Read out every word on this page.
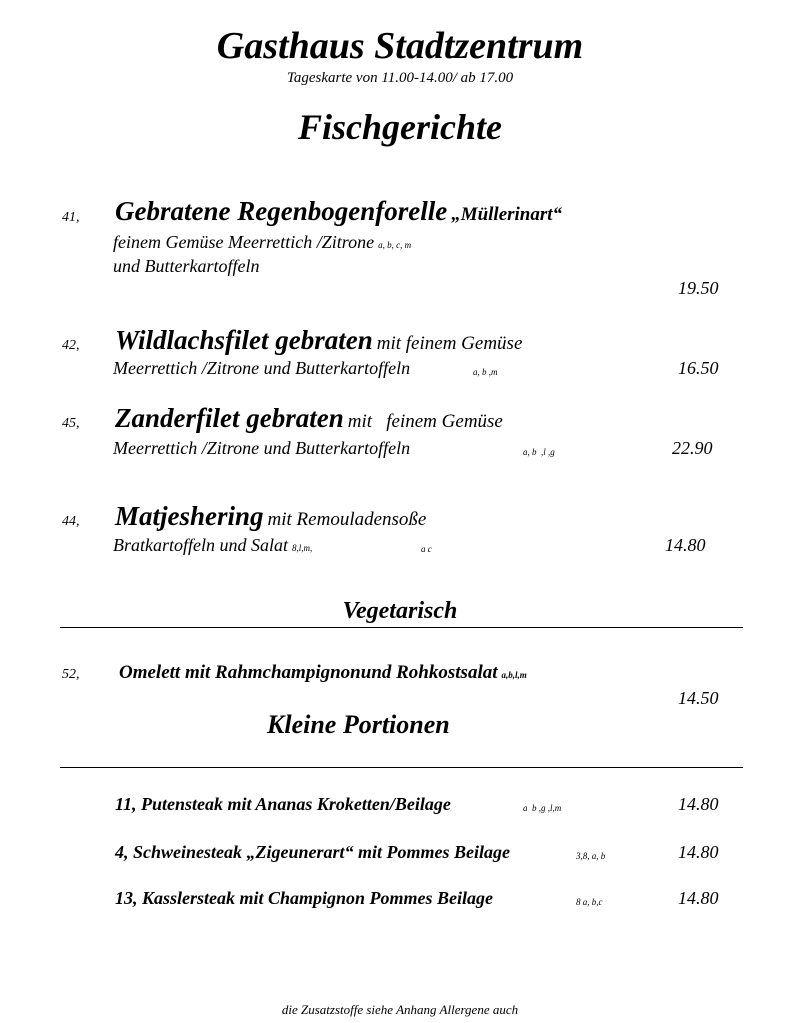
Gasthaus Stadtzentrum
Tageskarte von 11.00-14.00/ ab 17.00
Fischgerichte
41, Gebratene Regenbogenforelle „Müllerinart“
feinem Gemüse Meerrettich /Zitrone a, b, c, m
und Butterkartoffeln
19.50
42, Wildlachsfilet gebraten mit feinem Gemüse
Meerrettich /Zitrone und Butterkartoffeln	a, b ,m	16.50
45, Zanderfilet gebraten mit   feinem Gemüse
Meerrettich /Zitrone und Butterkartoffeln	a, b  ,l ,g	22.90
44, Matjeshering mit Remouladensoße
Bratkartoffeln und Salat 8,l,m,	a c	14.80
Vegetarisch
52, Omelett mit Rahmchampignonund Rohkostsalat a,b,l,m
14.50
Kleine Portionen
11, Putensteak mit Ananas Kroketten/Beilage	a  b ,g ,l,m	14.80
4, Schweinesteak „Zigeunerart“ mit Pommes Beilage	3,8, a, b	14.80
13, Kasslersteak mit Champignon Pommes Beilage	8 a, b,c	14.80
die Zusatzstoffe siehe Anhang Allergene auch
